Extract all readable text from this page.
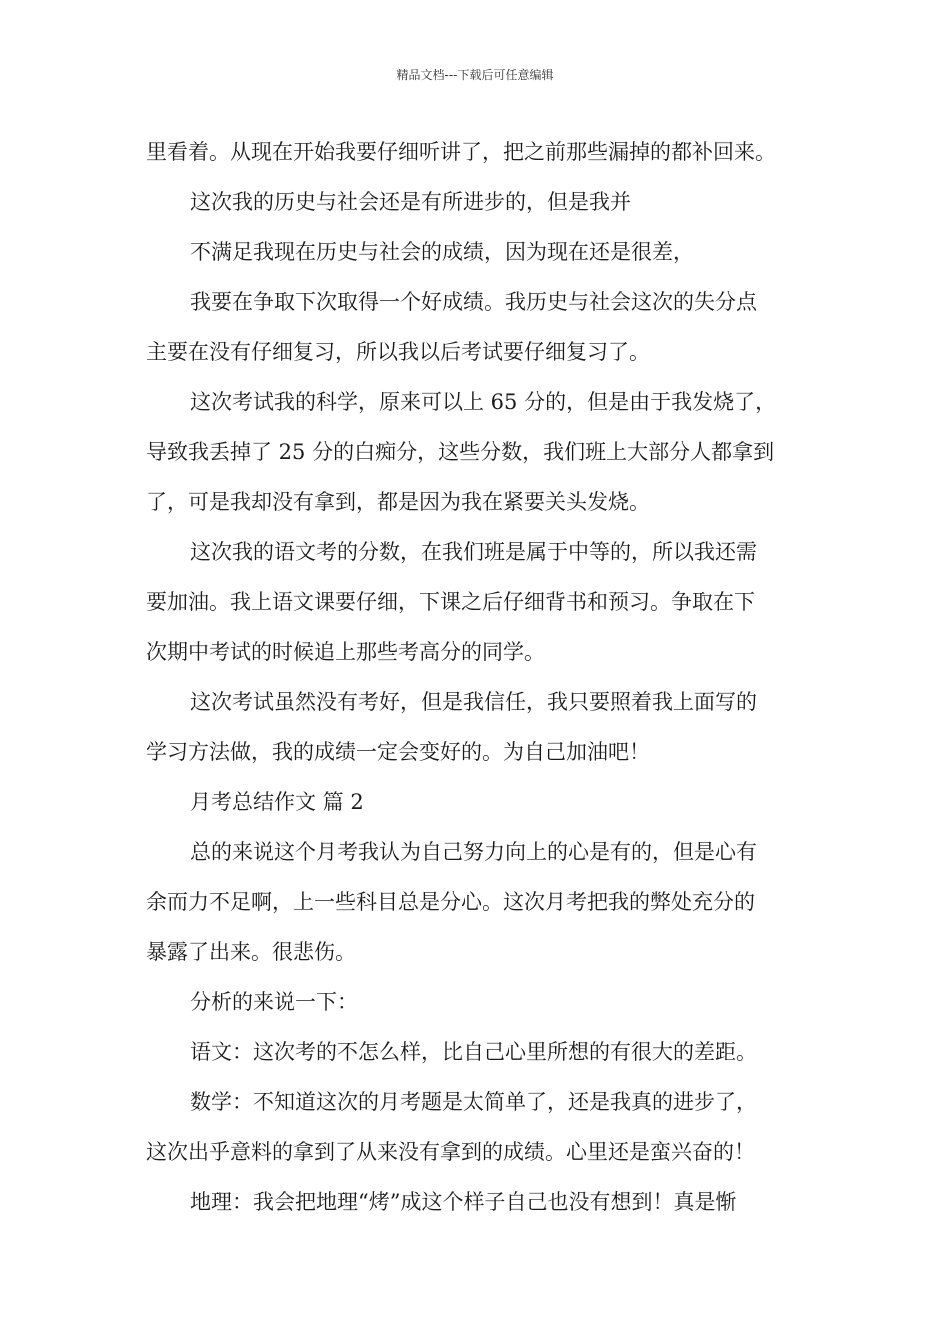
精品文档---下载后可任意编辑
里看着。从现在开始我要仔细听讲了，把之前那些漏掉的都补回来。
这次我的历史与社会还是有所进步的，但是我并
不满足我现在历史与社会的成绩，因为现在还是很差，
我要在争取下次取得一个好成绩。我历史与社会这次的失分点
主要在没有仔细复习，所以我以后考试要仔细复习了。
这次考试我的科学，原来可以上 65 分的，但是由于我发烧了，
导致我丢掉了 25 分的白痴分，这些分数，我们班上大部分人都拿到
了，可是我却没有拿到，都是因为我在紧要关头发烧。
这次我的语文考的分数，在我们班是属于中等的，所以我还需
要加油。我上语文课要仔细，下课之后仔细背书和预习。争取在下
次期中考试的时候追上那些考高分的同学。
这次考试虽然没有考好，但是我信任，我只要照着我上面写的
学习方法做，我的成绩一定会变好的。为自己加油吧！
月考总结作文 篇 2
总的来说这个月考我认为自己努力向上的心是有的，但是心有
余而力不足啊，上一些科目总是分心。这次月考把我的弊处充分的
暴露了出来。很悲伤。
分析的来说一下：
语文：这次考的不怎么样，比自己心里所想的有很大的差距。
数学：不知道这次的月考题是太简单了，还是我真的进步了，
这次出乎意料的拿到了从来没有拿到的成绩。心里还是蛮兴奋的！
地理：我会把地理“烤”成这个样子自己也没有想到！真是惭
